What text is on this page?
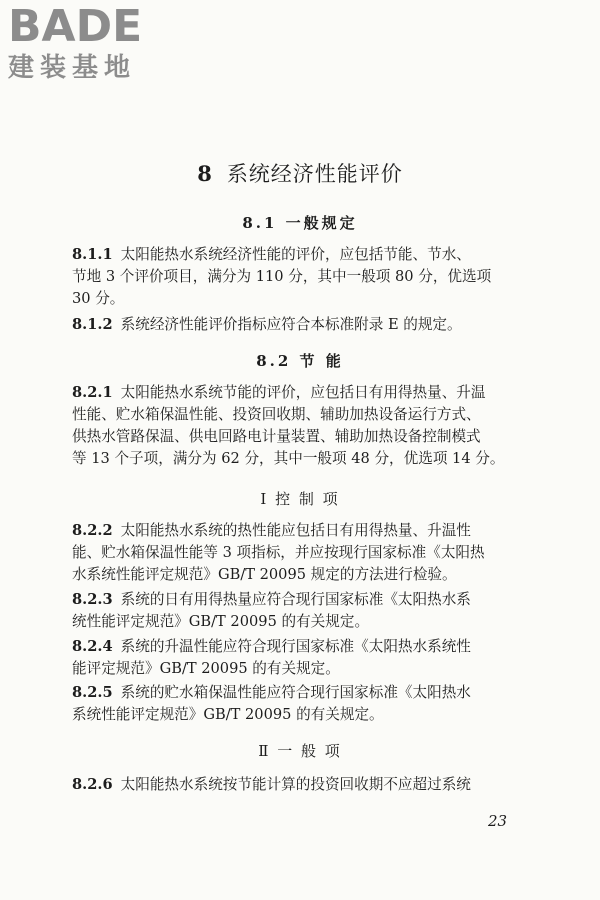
BADE
建装基地
8 系统经济性能评价
8.1 一般规定
8.1.1 太阳能热水系统经济性能的评价，应包括节能、节水、
节地 3 个评价项目，满分为 110 分，其中一般项 80 分，优选项
30 分。
8.1.2 系统经济性能评价指标应符合本标准附录 E 的规定。
8.2 节 能
8.2.1 太阳能热水系统节能的评价，应包括日有用得热量、升温
性能、贮水箱保温性能、投资回收期、辅助加热设备运行方式、
供热水管路保温、供电回路电计量装置、辅助加热设备控制模式
等 13 个子项，满分为 62 分，其中一般项 48 分，优选项 14 分。
Ⅰ 控 制 项
8.2.2 太阳能热水系统的热性能应包括日有用得热量、升温性
能、贮水箱保温性能等 3 项指标，并应按现行国家标准《太阳热
水系统性能评定规范》GB/T 20095 规定的方法进行检验。
8.2.3 系统的日有用得热量应符合现行国家标准《太阳热水系
统性能评定规范》GB/T 20095 的有关规定。
8.2.4 系统的升温性能应符合现行国家标准《太阳热水系统性
能评定规范》GB/T 20095 的有关规定。
8.2.5 系统的贮水箱保温性能应符合现行国家标准《太阳热水
系统性能评定规范》GB/T 20095 的有关规定。
Ⅱ 一 般 项
8.2.6 太阳能热水系统按节能计算的投资回收期不应超过系统
23
